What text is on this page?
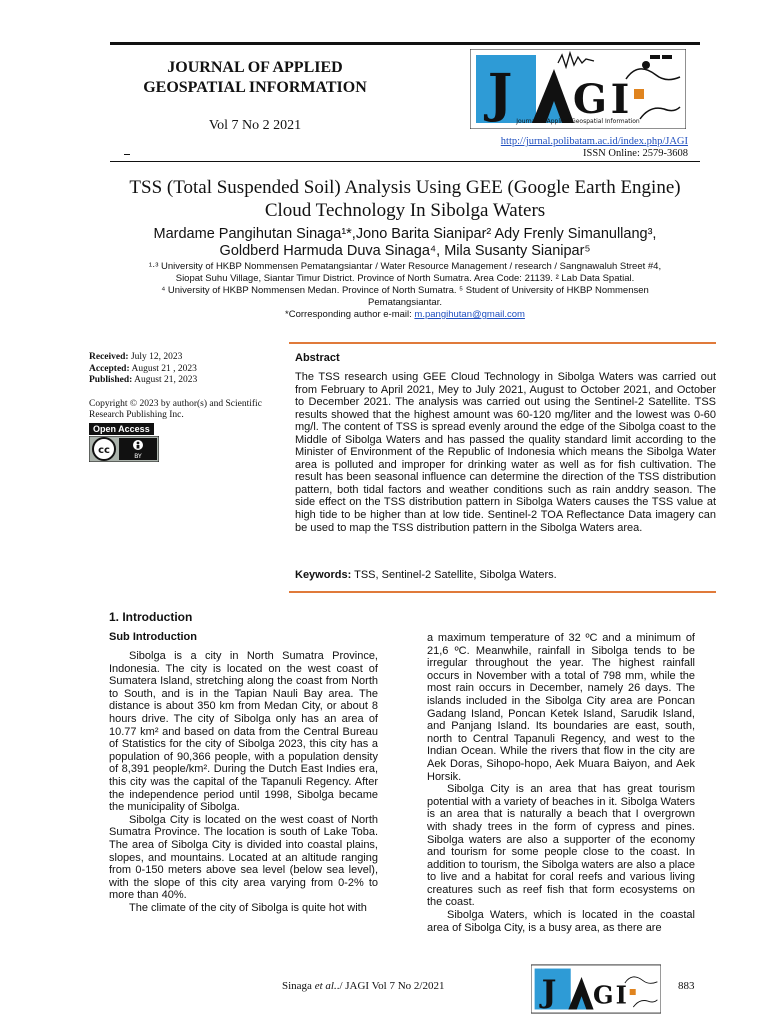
JOURNAL OF APPLIED
GEOSPATIAL INFORMATION
Vol 7 No 2 2021
J G I
Journal of Applied Geospatial Information
http://jurnal.polibatam.ac.id/index.php/JAGI
ISSN Online: 2579-3608
TSS (Total Suspended Soil) Analysis Using GEE (Google Earth Engine) Cloud Technology In Sibolga Waters
Mardame Pangihutan Sinaga¹*,Jono Barita Sianipar² Ady Frenly Simanullang³,
Goldberd Harmuda Duva Sinaga⁴, Mila Susanty Sianipar⁵
¹·³ University of HKBP Nommensen Pematangsiantar / Water Resource Management / research / Sangnawaluh Street #4,
Siopat Suhu Village, Siantar Timur District. Province of North Sumatra. Area Code: 21139. ² Lab Data Spatial.
⁴ University of HKBP Nommensen Medan. Province of North Sumatra. ⁵ Student of University of HKBP Nommensen
Pematangsiantar.
*Corresponding author e-mail: m.pangihutan@gmail.com
Received: July 12, 2023
Accepted: August 21 , 2023
Published: August 21, 2023
Copyright © 2023 by author(s) and Scientific Research Publishing Inc.
Open Access
cc
BY
Abstract
The TSS research using GEE Cloud Technology in Sibolga Waters was carried out from February to April 2021, Mey to July 2021, August to October 2021, and October to December 2021. The analysis was carried out using the Sentinel-2 Satellite. TSS results showed that the highest amount was 60-120 mg/liter and the lowest was 0-60 mg/l. The content of TSS is spread evenly around the edge of the Sibolga coast to the Middle of Sibolga Waters and has passed the quality standard limit according to the Minister of Environment of the Republic of Indonesia which means the Sibolga Water area is polluted and improper for drinking water as well as for fish cultivation. The result has been seasonal influence can determine the direction of the TSS distribution pattern, both tidal factors and weather conditions such as rain anddry season. The side effect on the TSS distribution pattern in Sibolga Waters causes the TSS value at high tide to be higher than at low tide. Sentinel-2 TOA Reflectance Data imagery can be used to map the TSS distribution pattern in the Sibolga Waters area.
Keywords: TSS, Sentinel-2 Satellite, Sibolga Waters.
1. Introduction
Sub Introduction

Sibolga is a city in North Sumatra Province, Indonesia. The city is located on the west coast of Sumatera Island, stretching along the coast from North to South, and is in the Tapian Nauli Bay area. The distance is about 350 km from Medan City, or about 8 hours drive. The city of Sibolga only has an area of 10.77 km² and based on data from the Central Bureau of Statistics for the city of Sibolga 2023, this city has a population of 90,366 people, with a population density of 8,391 people/km². During the Dutch East Indies era, this city was the capital of the Tapanuli Regency. After the independence period until 1998, Sibolga became the municipality of Sibolga.

Sibolga City is located on the west coast of North Sumatra Province. The location is south of Lake Toba. The area of Sibolga City is divided into coastal plains, slopes, and mountains. Located at an altitude ranging from 0-150 meters above sea level (below sea level), with the slope of this city area varying from 0-2% to more than 40%.

The climate of the city of Sibolga is quite hot with

a maximum temperature of 32 ºC and a minimum of 21,6 ºC. Meanwhile, rainfall in Sibolga tends to be irregular throughout the year. The highest rainfall occurs in November with a total of 798 mm, while the most rain occurs in December, namely 26 days. The islands included in the Sibolga City area are Poncan Gadang Island, Poncan Ketek Island, Sarudik Island, and Panjang Island. Its boundaries are east, south, north to Central Tapanuli Regency, and west to the Indian Ocean. While the rivers that flow in the city are Aek Doras, Sihopo-hopo, Aek Muara Baiyon, and Aek Horsik.

Sibolga City is an area that has great tourism potential with a variety of beaches in it. Sibolga Waters is an area that is naturally a beach that I overgrown with shady trees in the form of cypress and pines. Sibolga waters are also a supporter of the economy and tourism for some people close to the coast. In addition to tourism, the Sibolga waters are also a place to live and a habitat for coral reefs and various living creatures such as reef fish that form ecosystems on the coast.

Sibolga Waters, which is located in the coastal area of Sibolga City, is a busy area, as there are

Sinaga et al../ JAGI Vol 7 No 2/2021 J G I	883
